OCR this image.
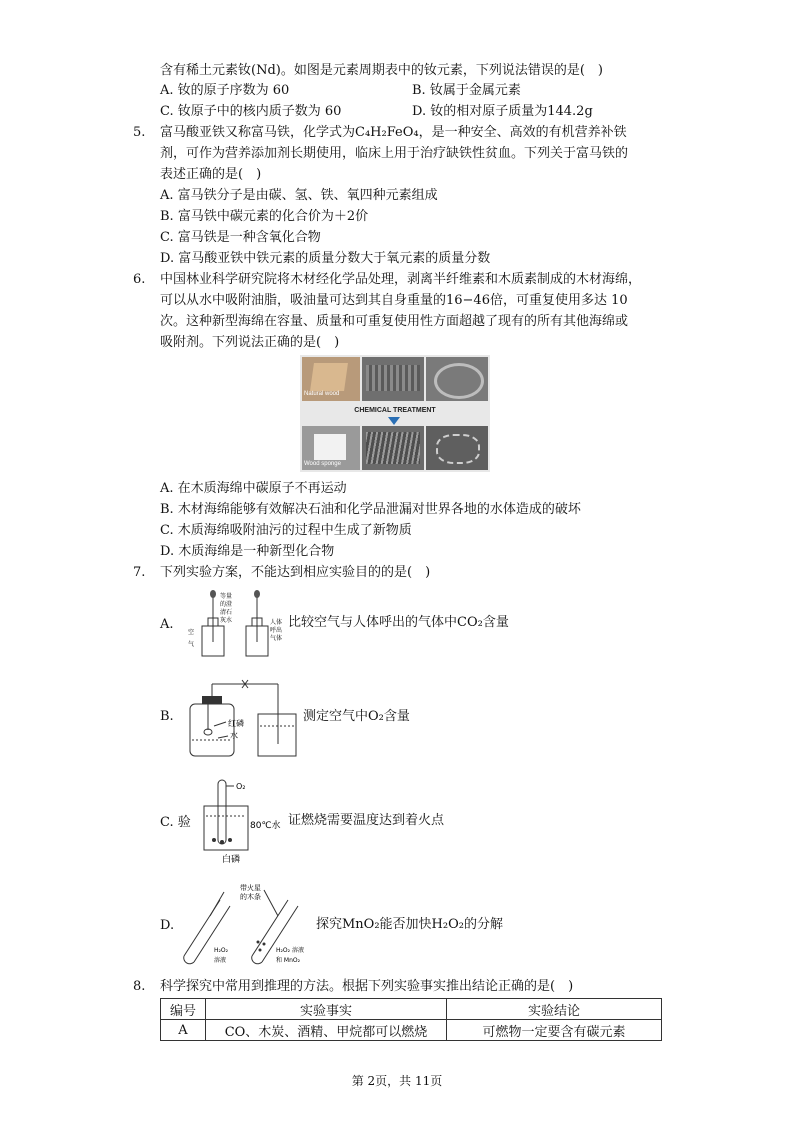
含有稀土元素钕(Nd)。如图是元素周期表中的钕元素，下列说法错误的是(　)
A. 钕的原子序数为 60	B. 钕属于金属元素
C. 钕原子中的核内质子数为 60	D. 钕的相对原子质量为144.2g
5. 富马酸亚铁又称富马铁，化学式为C₄H₂FeO₄，是一种安全、高效的有机营养补铁
剂，可作为营养添加剂长期使用，临床上用于治疗缺铁性贫血。下列关于富马铁的
表述正确的是(　)
A. 富马铁分子是由碳、氢、铁、氧四种元素组成
B. 富马铁中碳元素的化合价为＋2价
C. 富马铁是一种含氧化合物
D. 富马酸亚铁中铁元素的质量分数大于氧元素的质量分数
6. 中国林业科学研究院将木材经化学品处理，剥离半纤维素和木质素制成的木材海绵，
可以从水中吸附油脂，吸油量可达到其自身重量的16−46倍，可重复使用多达 10
次。这种新型海绵在容量、质量和可重复使用性方面超越了现有的所有其他海绵或
吸附剂。下列说法正确的是(　)
Natural wood
CHEMICAL TREATMENT
Wood sponge
A. 在木质海绵中碳原子不再运动
B. 木材海绵能够有效解决石油和化学品泄漏对世界各地的水体造成的破坏
C. 木质海绵吸附油污的过程中生成了新物质
D. 木质海绵是一种新型化合物
7. 下列实验方案，不能达到相应实验目的的是(　)
A.
等量
的澄
清石
灰水	人体
呼出
气体
空
气
比较空气与人体呼出的气体中CO₂含量
B.	红磷
水
测定空气中O₂含量
C. 验
O₂
80℃水
白磷
证燃烧需要温度达到着火点
D.
带火星
的木条
H₂O₂
溶液
H₂O₂ 溶液
和 MnO₂
探究MnO₂能否加快H₂O₂的分解
8. 科学探究中常用到推理的方法。根据下列实验事实推出结论正确的是(　)
编号	实验事实	实验结论
A	CO、木炭、酒精、甲烷都可以燃烧	可燃物一定要含有碳元素
第 2页，共 11页
